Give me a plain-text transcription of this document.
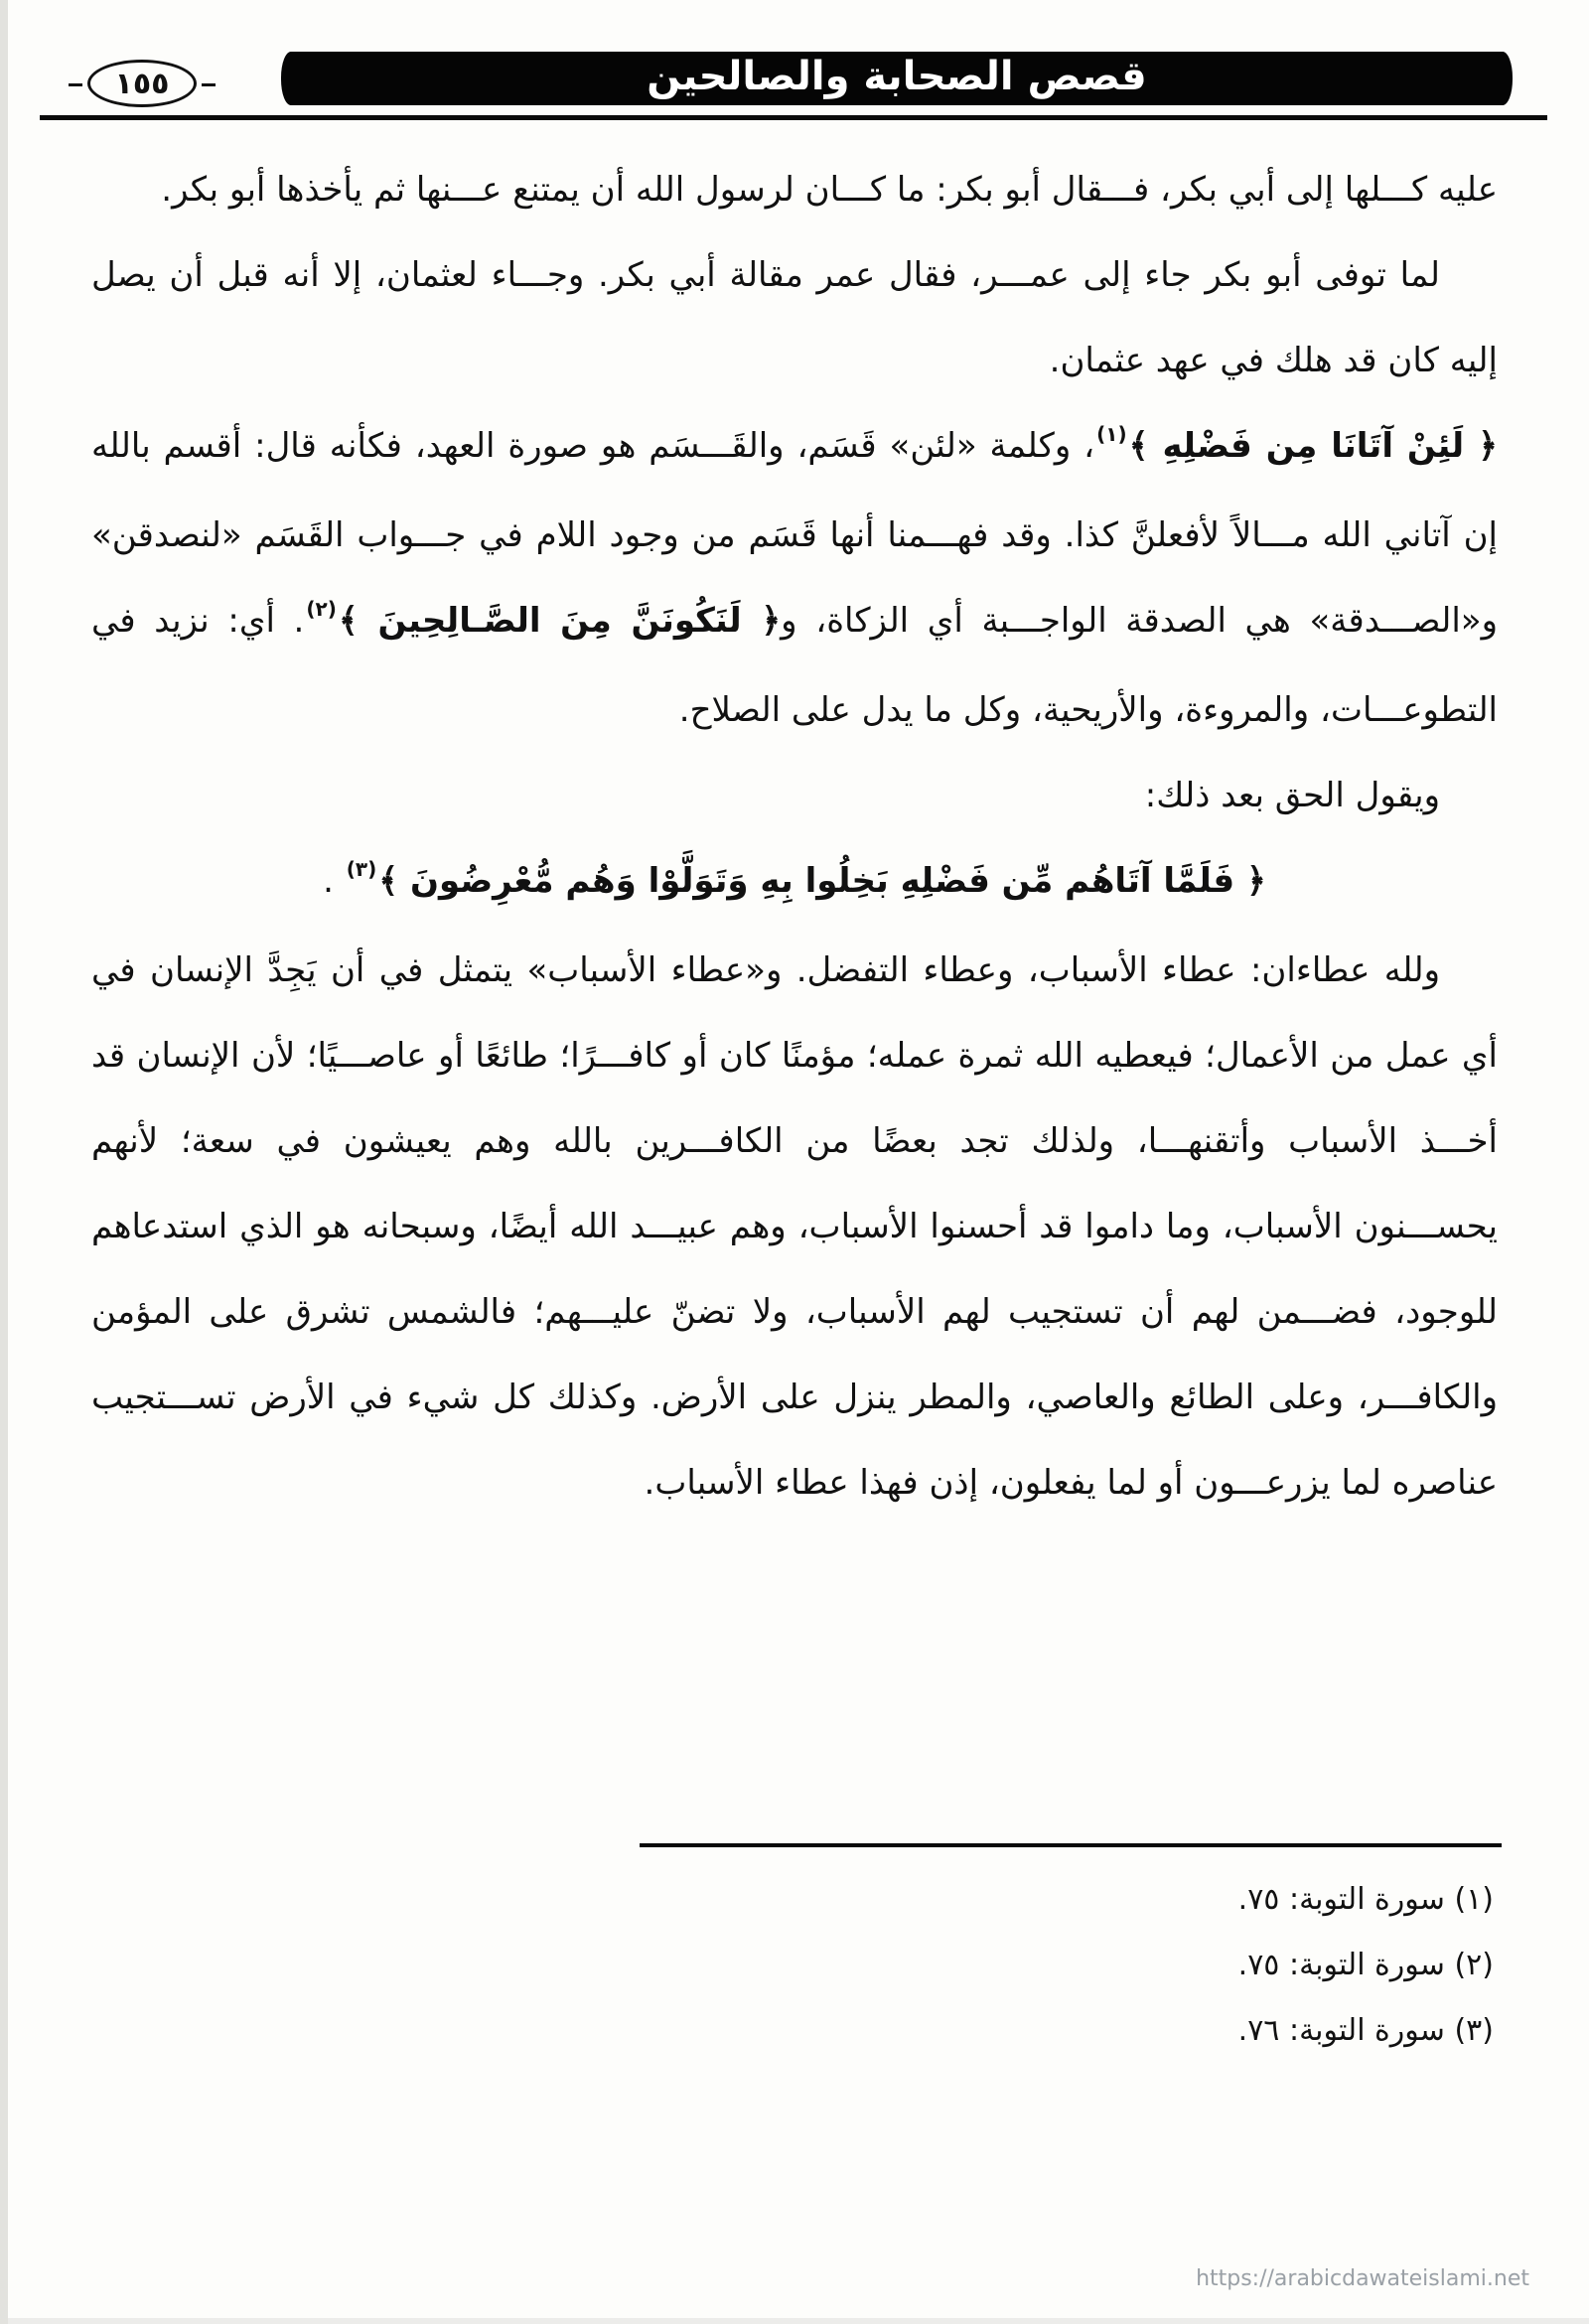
قصص الصحابة والصالحين
١٥٥

عليه كـــلها إلى أبي بكر، فـــقال أبو بكر: ما كـــان لرسول الله أن يمتنع عـــنها ثم يأخذها أبو بكر.

لما توفى أبو بكر جاء إلى عمـــر، فقال عمر مقالة أبي بكر. وجـــاء لعثمان، إلا أنه قبل أن يصل إليه كان قد هلك في عهد عثمان.

﴿ لَئِنْ آتَانَا مِن فَضْلِهِ ﴾$^{(١)}$، وكلمة «لئن» قَسَم، والقَـــسَم هو صورة العهد، فكأنه قال: أقسم بالله إن آتاني الله مـــالاً لأفعلنَّ كذا. وقد فهـــمنا أنها قَسَم من وجود اللام في جـــواب القَسَم «لنصدقن» و«الصـــدقة» هي الصدقة الواجـــبة أي الزكاة، و﴿ لَنَكُونَنَّ مِنَ الصَّـالِحِينَ ﴾$^{(٢)}$. أي: نزيد في التطوعـــات، والمروءة، والأريحية، وكل ما يدل على الصلاح.

ويقول الحق بعد ذلك:

﴿ فَلَمَّا آتَاهُم مِّن فَضْلِهِ بَخِلُوا بِهِ وَتَوَلَّوْا وَهُم مُّعْرِضُونَ ﴾$^{(٣)}$ .

ولله عطاءان: عطاء الأسباب، وعطاء التفضل. و«عطاء الأسباب» يتمثل في أن يَجِدَّ الإنسان في أي عمل من الأعمال؛ فيعطيه الله ثمرة عمله؛ مؤمنًا كان أو كافـــرًا؛ طائعًا أو عاصـــيًا؛ لأن الإنسان قد أخـــذ الأسباب وأتقنهـــا، ولذلك تجد بعضًا من الكافـــرين بالله وهم يعيشون في سعة؛ لأنهم يحســـنون الأسباب، وما داموا قد أحسنوا الأسباب، وهم عبيـــد الله أيضًا، وسبحانه هو الذي استدعاهم للوجود، فضـــمن لهم أن تستجيب لهم الأسباب، ولا تضنّ عليـــهم؛ فالشمس تشرق على المؤمن والكافـــر، وعلى الطائع والعاصي، والمطر ينزل على الأرض. وكذلك كل شيء في الأرض تســـتجيب عناصره لما يزرعـــون أو لما يفعلون، إذن فهذا عطاء الأسباب.

(١) سورة التوبة: ٧٥.
(٢) سورة التوبة: ٧٥.
(٣) سورة التوبة: ٧٦.
https://arabicdawateislami.net
